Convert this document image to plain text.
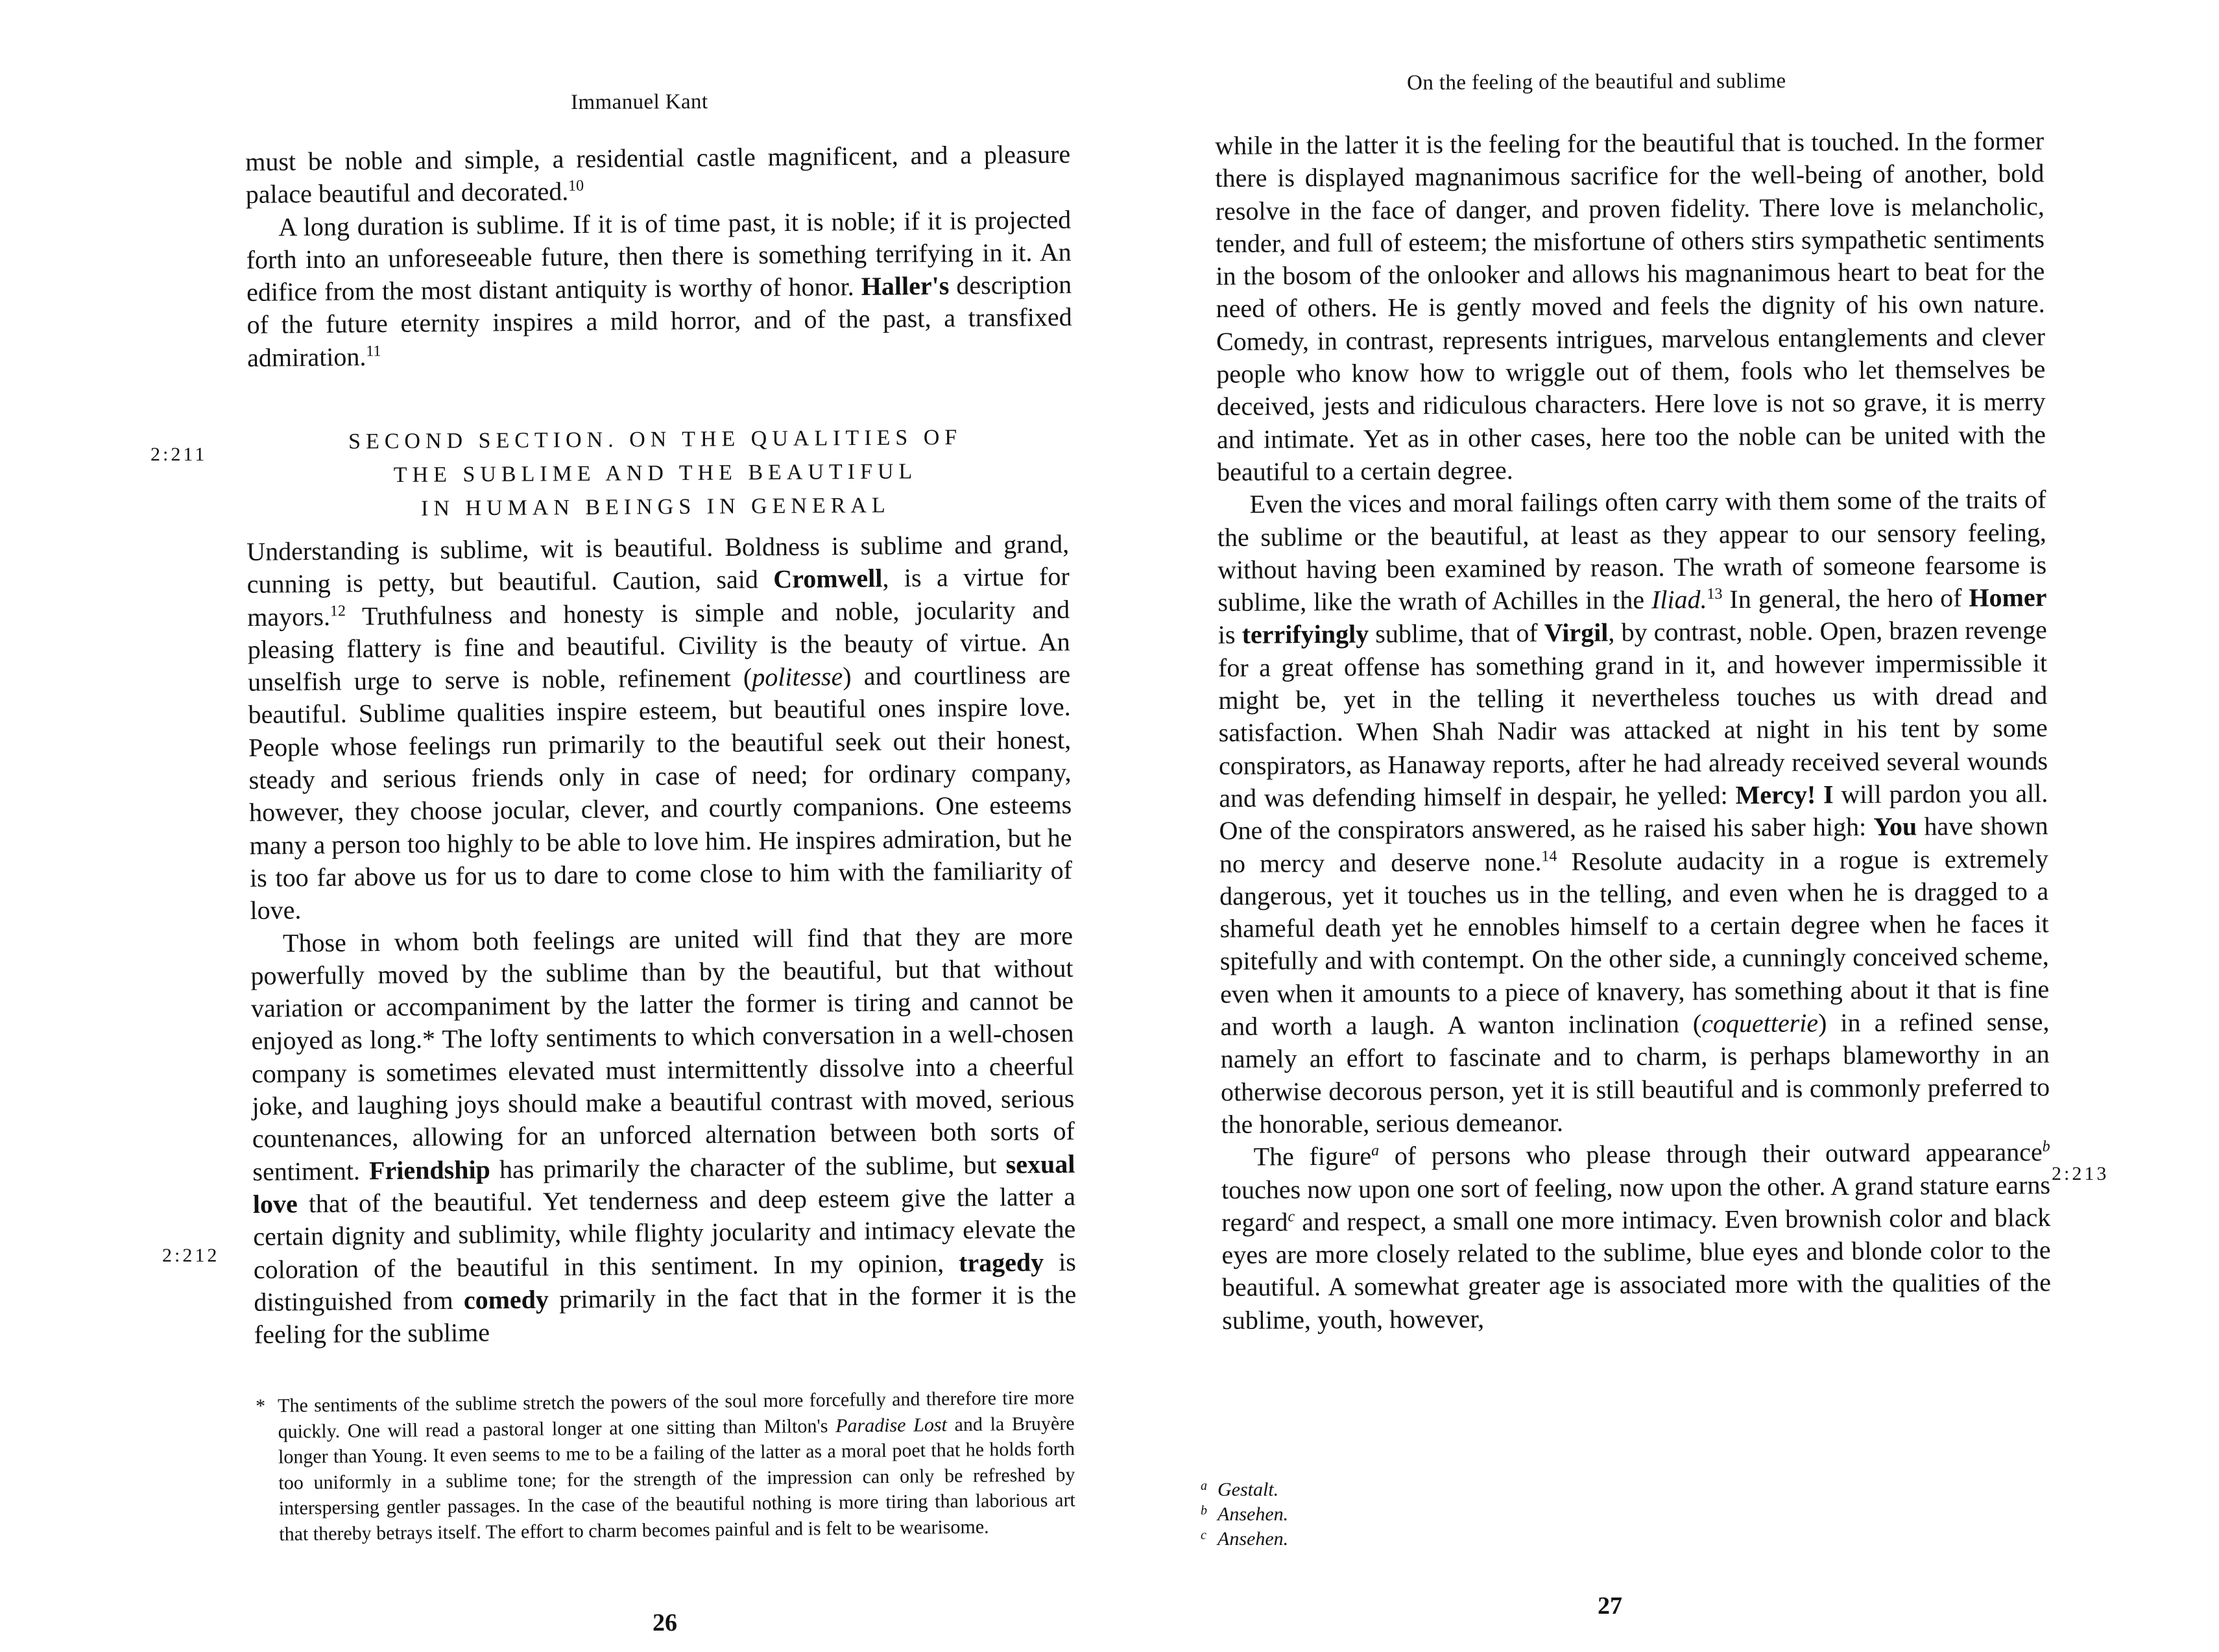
Immanuel Kant

must be noble and simple, a residential castle magnificent, and a pleasure palace beautiful and decorated.$^{10}$

A long duration is sublime. If it is of time past, it is noble; if it is projected forth into an unforeseeable future, then there is something terrifying in it. An edifice from the most distant antiquity is worthy of honor. Haller's description of the future eternity inspires a mild horror, and of the past, a transfixed admiration.$^{11}$

2:211
SECOND SECTION. ON THE QUALITIES OF
THE SUBLIME AND THE BEAUTIFUL
IN HUMAN BEINGS IN GENERAL

Understanding is sublime, wit is beautiful. Boldness is sublime and grand, cunning is petty, but beautiful. Caution, said Cromwell, is a virtue for mayors.$^{12}$ Truthfulness and honesty is simple and noble, jocularity and pleasing flattery is fine and beautiful. Civility is the beauty of virtue. An unselfish urge to serve is noble, refinement (politesse) and courtliness are beautiful. Sublime qualities inspire esteem, but beautiful ones inspire love. People whose feelings run primarily to the beautiful seek out their honest, steady and serious friends only in case of need; for ordinary company, however, they choose jocular, clever, and courtly companions. One esteems many a person too highly to be able to love him. He inspires admiration, but he is too far above us for us to dare to come close to him with the familiarity of love.

Those in whom both feelings are united will find that they are more powerfully moved by the sublime than by the beautiful, but that without variation or accompaniment by the latter the former is tiring and cannot be enjoyed as long.* The lofty sentiments to which conversation in a well-chosen company is sometimes elevated must intermittently dissolve into a cheerful joke, and laughing joys should make a beautiful contrast with moved, serious countenances, allowing for an unforced alternation between both sorts of sentiment. Friendship has primarily the character of the sublime, but sexual love that of the beautiful. Yet tenderness and deep esteem give the latter a certain dignity and sublimity, while flighty jocularity and intimacy elevate the coloration of the beautiful in this sentiment. In my opinion, tragedy is distinguished from comedy primarily in the fact that in the former it is the feeling for the sublime

2:212
* The sentiments of the sublime stretch the powers of the soul more forcefully and therefore tire more quickly. One will read a pastoral longer at one sitting than Milton's Paradise Lost and la Bruyère longer than Young. It even seems to me to be a failing of the latter as a moral poet that he holds forth too uniformly in a sublime tone; for the strength of the impression can only be refreshed by interspersing gentler passages. In the case of the beautiful nothing is more tiring than laborious art that thereby betrays itself. The effort to charm becomes painful and is felt to be wearisome.
26
On the feeling of the beautiful and sublime

while in the latter it is the feeling for the beautiful that is touched. In the former there is displayed magnanimous sacrifice for the well-being of another, bold resolve in the face of danger, and proven fidelity. There love is melancholic, tender, and full of esteem; the misfortune of others stirs sympathetic sentiments in the bosom of the onlooker and allows his magnanimous heart to beat for the need of others. He is gently moved and feels the dignity of his own nature. Comedy, in contrast, represents intrigues, marvelous entanglements and clever people who know how to wriggle out of them, fools who let themselves be deceived, jests and ridiculous characters. Here love is not so grave, it is merry and intimate. Yet as in other cases, here too the noble can be united with the beautiful to a certain degree.

Even the vices and moral failings often carry with them some of the traits of the sublime or the beautiful, at least as they appear to our sensory feeling, without having been examined by reason. The wrath of someone fearsome is sublime, like the wrath of Achilles in the Iliad.$^{13}$ In general, the hero of Homer is terrifyingly sublime, that of Virgil, by contrast, noble. Open, brazen revenge for a great offense has something grand in it, and however impermissible it might be, yet in the telling it nevertheless touches us with dread and satisfaction. When Shah Nadir was attacked at night in his tent by some conspirators, as Hanaway reports, after he had already received several wounds and was defending himself in despair, he yelled: Mercy! I will pardon you all. One of the conspirators answered, as he raised his saber high: You have shown no mercy and deserve none.$^{14}$ Resolute audacity in a rogue is extremely dangerous, yet it touches us in the telling, and even when he is dragged to a shameful death yet he ennobles himself to a certain degree when he faces it spitefully and with contempt. On the other side, a cunningly conceived scheme, even when it amounts to a piece of knavery, has something about it that is fine and worth a laugh. A wanton inclination (coquetterie) in a refined sense, namely an effort to fascinate and to charm, is perhaps blameworthy in an otherwise decorous person, yet it is still beautiful and is commonly preferred to the honorable, serious demeanor.

The figure$^a$ of persons who please through their outward appearance$^b$ touches now upon one sort of feeling, now upon the other. A grand stature earns regard$^c$ and respect, a small one more intimacy. Even brownish color and black eyes are more closely related to the sublime, blue eyes and blonde color to the beautiful. A somewhat greater age is associated more with the qualities of the sublime, youth, however,

2:213
a Gestalt.
b Ansehen.
c Ansehen.
27
